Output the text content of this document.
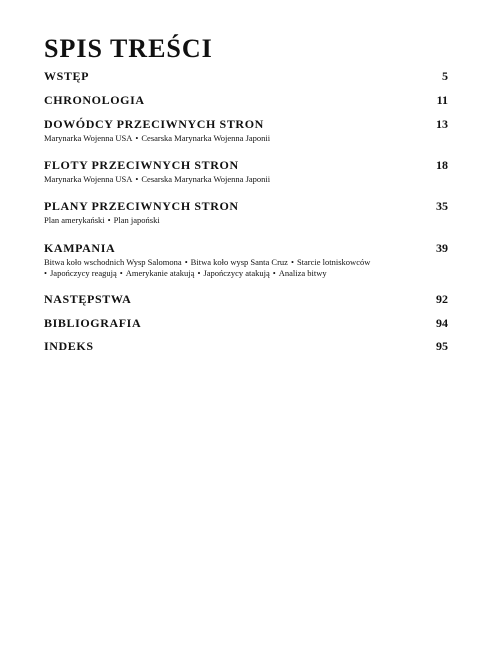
SPIS TREŚCI
WSTĘP	5
CHRONOLOGIA	11
DOWÓDCY PRZECIWNYCH STRON	13
Marynarka Wojenna USA • Cesarska Marynarka Wojenna Japonii
FLOTY PRZECIWNYCH STRON	18
Marynarka Wojenna USA • Cesarska Marynarka Wojenna Japonii
PLANY PRZECIWNYCH STRON	35
Plan amerykański • Plan japoński
KAMPANIA	39
Bitwa koło wschodnich Wysp Salomona • Bitwa koło wysp Santa Cruz • Starcie lotniskowców
• Japończycy reagują • Amerykanie atakują • Japończycy atakują • Analiza bitwy
NASTĘPSTWA	92
BIBLIOGRAFIA	94
INDEKS	95
